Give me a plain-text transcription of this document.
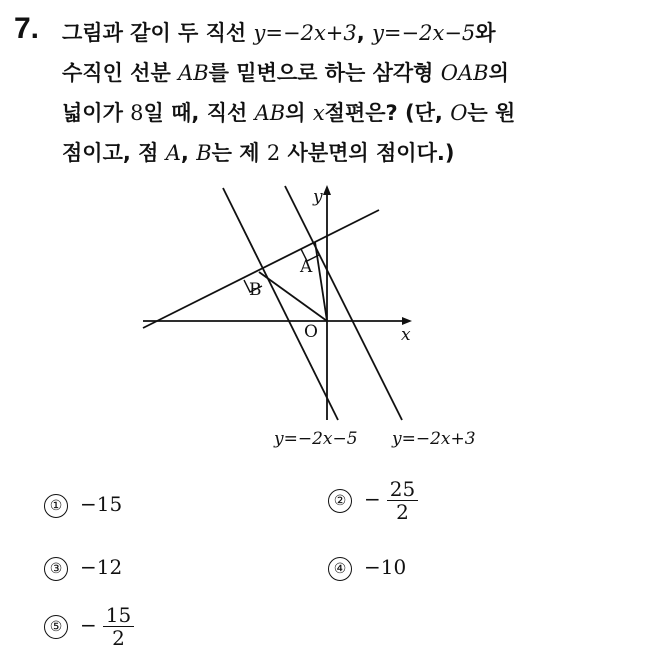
7. 그림과 같이 두 직선 y=−2x+3, y=−2x−5와
수직인 선분 AB를 밑변으로 하는 삼각형 OAB의
넓이가 8일 때, 직선 AB의 x절편은? (단, O는 원
점이고, 점 A, B는 제 2 사분면의 점이다.)
y
x
A
B
O
y=−2x−5 y=−2x+3
① −15	② − $\frac{25}{2}$
③ −12	④ −10
⑤ − $\frac{15}{2}$
